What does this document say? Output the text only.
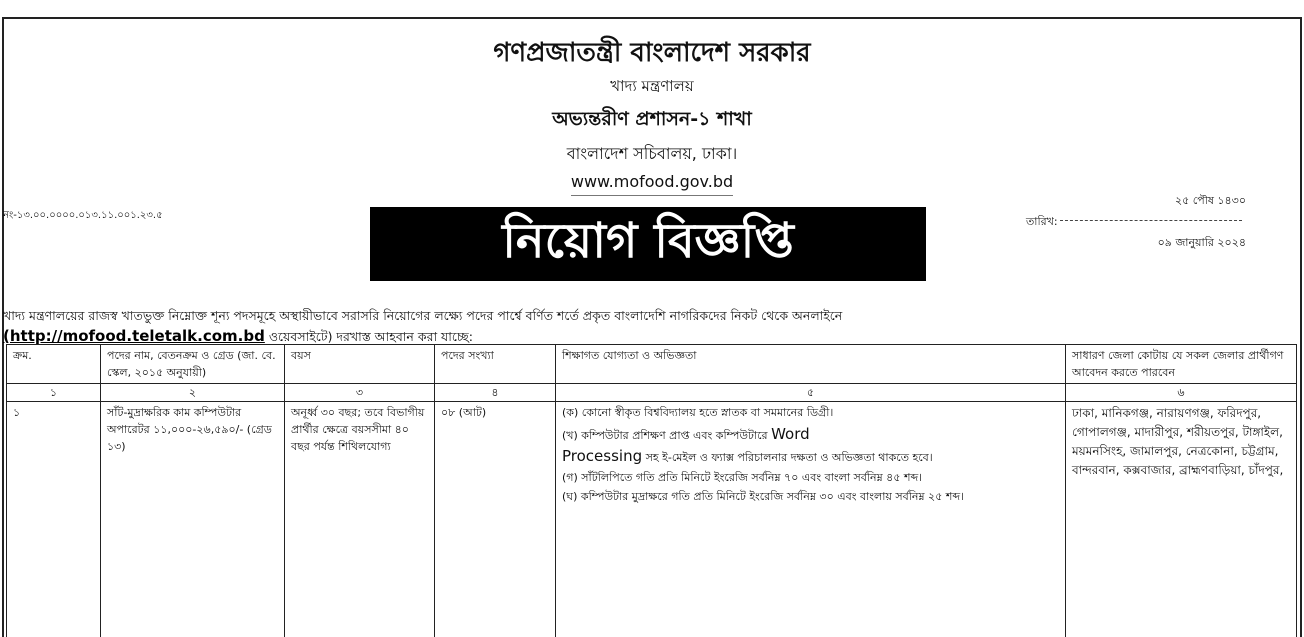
গণপ্রজাতন্ত্রী বাংলাদেশ সরকার
খাদ্য মন্ত্রণালয়
অভ্যন্তরীণ প্রশাসন-১ শাখা
বাংলাদেশ সচিবালয়, ঢাকা।
www.mofood.gov.bd
নং-১৩.০০.০০০০.০১৩.১১.০০১.২৩.৫
২৫ পৌষ ১৪৩০
তারিখ:
০৯ জানুয়ারি ২০২৪
নিয়োগ বিজ্ঞপ্তি
খাদ্য মন্ত্রণালয়ের রাজস্ব খাতভুক্ত নিম্নোক্ত শূন্য পদসমূহে অস্থায়ীভাবে সরাসরি নিয়োগের লক্ষ্যে পদের পার্শ্বে বর্ণিত শর্তে প্রকৃত বাংলাদেশি নাগরিকদের নিকট থেকে অনলাইনে
(http://mofood.teletalk.com.bd ওয়েবসাইটে) দরখাস্ত আহবান করা যাচ্ছে:
ক্রম.	পদের নাম, বেতনক্রম ও গ্রেড (জা. বে. স্কেল, ২০১৫ অনুযায়ী)	বয়স	পদের সংখ্যা	শিক্ষাগত যোগ্যতা ও অভিজ্ঞতা	সাধারণ জেলা কোটায় যে সকল জেলার প্রার্থীগণ আবেদন করতে পারবেন
১	২	৩	৪	৫	৬
১	সাঁট-মুদ্রাক্ষরিক কাম কম্পিউটার অপারেটর ১১,০০০-২৬,৫৯০/- (গ্রেড ১৩)	অনূর্ধ্ব ৩০ বছর; তবে বিভাগীয় প্রার্থীর ক্ষেত্রে বয়সসীমা ৪০ বছর পর্যন্ত শিথিলযোগ্য	০৮ (আট)	(ক) কোনো স্বীকৃত বিশ্ববিদ্যালয় হতে স্নাতক বা সমমানের ডিগ্রী।

(খ) কম্পিউটার প্রশিক্ষণ প্রাপ্ত এবং কম্পিউটারে Word
Processing সহ ই-মেইল ও ফ্যাক্স পরিচালনার দক্ষতা ও অভিজ্ঞতা থাকতে হবে।

(গ) সাঁটলিপিতে গতি প্রতি মিনিটে ইংরেজি সর্বনিম্ন ৭০ এবং বাংলা সর্বনিম্ন ৪৫ শব্দ।

(ঘ) কম্পিউটার মুদ্রাক্ষরে গতি প্রতি মিনিটে ইংরেজি সর্বনিম্ন ৩০ এবং বাংলায় সর্বনিম্ন ২৫ শব্দ।	ঢাকা, মানিকগঞ্জ, নারায়ণগঞ্জ, ফরিদপুর, গোপালগঞ্জ, মাদারীপুর, শরীয়তপুর, টাঙ্গাইল, ময়মনসিংহ, জামালপুর, নেত্রকোনা, চট্টগ্রাম, বান্দরবান, কক্সবাজার, ব্রাহ্মণবাড়িয়া, চাঁদপুর,
